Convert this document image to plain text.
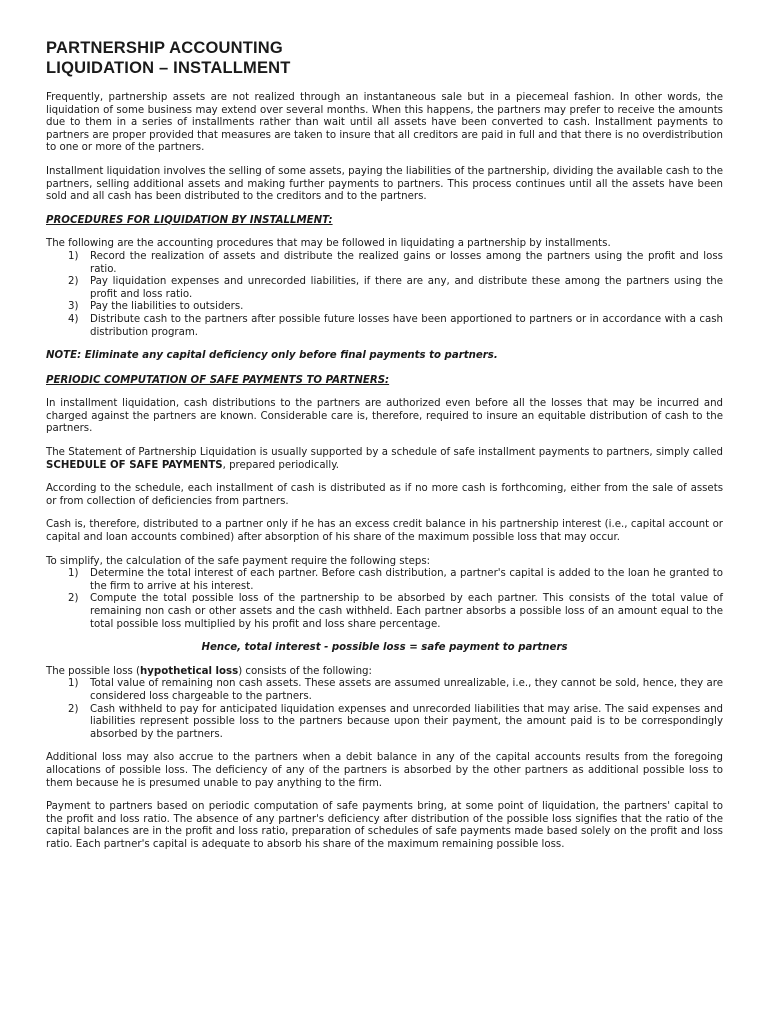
PARTNERSHIP ACCOUNTING
LIQUIDATION – INSTALLMENT

Frequently, partnership assets are not realized through an instantaneous sale but in a piecemeal fashion. In other words, the liquidation of some business may extend over several months. When this happens, the partners may prefer to receive the amounts due to them in a series of installments rather than wait until all assets have been converted to cash. Installment payments to partners are proper provided that measures are taken to insure that all creditors are paid in full and that there is no overdistribution to one or more of the partners.

Installment liquidation involves the selling of some assets, paying the liabilities of the partnership, dividing the available cash to the partners, selling additional assets and making further payments to partners. This process continues until all the assets have been sold and all cash has been distributed to the creditors and to the partners.

PROCEDURES FOR LIQUIDATION BY INSTALLMENT:

The following are the accounting procedures that may be followed in liquidating a partnership by installments.

1) Record the realization of assets and distribute the realized gains or losses among the partners using the profit and loss ratio.
2) Pay liquidation expenses and unrecorded liabilities, if there are any, and distribute these among the partners using the profit and loss ratio.
3) Pay the liabilities to outsiders.
4) Distribute cash to the partners after possible future losses have been apportioned to partners or in accordance with a cash distribution program.
NOTE: Eliminate any capital deficiency only before final payments to partners.
PERIODIC COMPUTATION OF SAFE PAYMENTS TO PARTNERS:

In installment liquidation, cash distributions to the partners are authorized even before all the losses that may be incurred and charged against the partners are known. Considerable care is, therefore, required to insure an equitable distribution of cash to the partners.

The Statement of Partnership Liquidation is usually supported by a schedule of safe installment payments to partners, simply called SCHEDULE OF SAFE PAYMENTS, prepared periodically.

According to the schedule, each installment of cash is distributed as if no more cash is forthcoming, either from the sale of assets or from collection of deficiencies from partners.

Cash is, therefore, distributed to a partner only if he has an excess credit balance in his partnership interest (i.e., capital account or capital and loan accounts combined) after absorption of his share of the maximum possible loss that may occur.

To simplify, the calculation of the safe payment require the following steps:

1) Determine the total interest of each partner. Before cash distribution, a partner's capital is added to the loan he granted to the firm to arrive at his interest.
2) Compute the total possible loss of the partnership to be absorbed by each partner. This consists of the total value of remaining non cash or other assets and the cash withheld. Each partner absorbs a possible loss of an amount equal to the total possible loss multiplied by his profit and loss share percentage.
Hence, total interest - possible loss = safe payment to partners

The possible loss (hypothetical loss) consists of the following:

1) Total value of remaining non cash assets. These assets are assumed unrealizable, i.e., they cannot be sold, hence, they are considered loss chargeable to the partners.
2) Cash withheld to pay for anticipated liquidation expenses and unrecorded liabilities that may arise. The said expenses and liabilities represent possible loss to the partners because upon their payment, the amount paid is to be correspondingly absorbed by the partners.

Additional loss may also accrue to the partners when a debit balance in any of the capital accounts results from the foregoing allocations of possible loss. The deficiency of any of the partners is absorbed by the other partners as additional possible loss to them because he is presumed unable to pay anything to the firm.

Payment to partners based on periodic computation of safe payments bring, at some point of liquidation, the partners' capital to the profit and loss ratio. The absence of any partner's deficiency after distribution of the possible loss signifies that the ratio of the capital balances are in the profit and loss ratio, preparation of schedules of safe payments made based solely on the profit and loss ratio. Each partner's capital is adequate to absorb his share of the maximum remaining possible loss.
